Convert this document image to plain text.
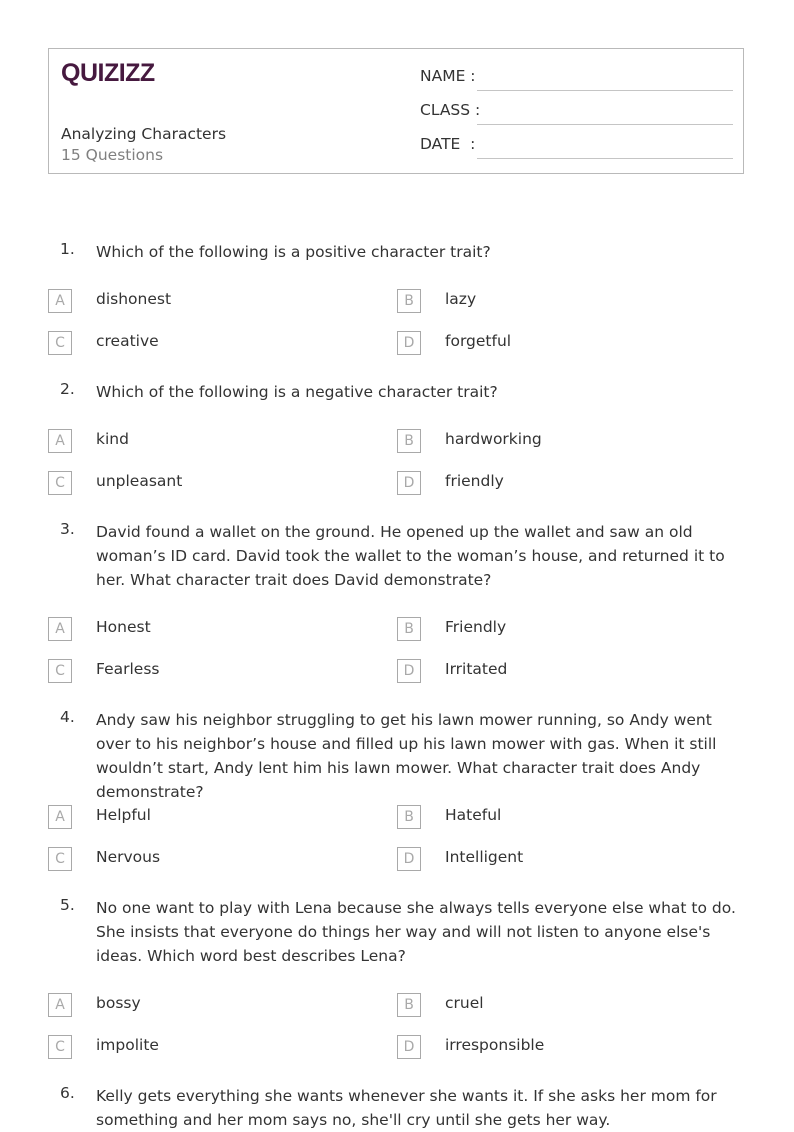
QUIZIZZ
Analyzing Characters
15 Questions
NAME :
CLASS :
DATE  :
1. Which of the following is a positive character trait?
A	dishonest	B	lazy
C	creative	D	forgetful
2. Which of the following is a negative character trait?
A	kind	B	hardworking
C	unpleasant	D	friendly
3. David found a wallet on the ground. He opened up the wallet and saw an old woman’s ID card. David took the wallet to the woman’s house, and returned it to her. What character trait does David demonstrate?
A	Honest	B	Friendly
C	Fearless	D	Irritated
4. Andy saw his neighbor struggling to get his lawn mower running, so Andy went over to his neighbor’s house and filled up his lawn mower with gas. When it still wouldn’t start, Andy lent him his lawn mower. What character trait does Andy demonstrate?
A	Helpful	B	Hateful
C	Nervous	D	Intelligent
5. No one want to play with Lena because she always tells everyone else what to do. She insists that everyone do things her way and will not listen to anyone else's ideas. Which word best describes Lena?
A	bossy	B	cruel
C	impolite	D	irresponsible
6. Kelly gets everything she wants whenever she wants it. If she asks her mom for something and her mom says no, she'll cry until she gets her way.
